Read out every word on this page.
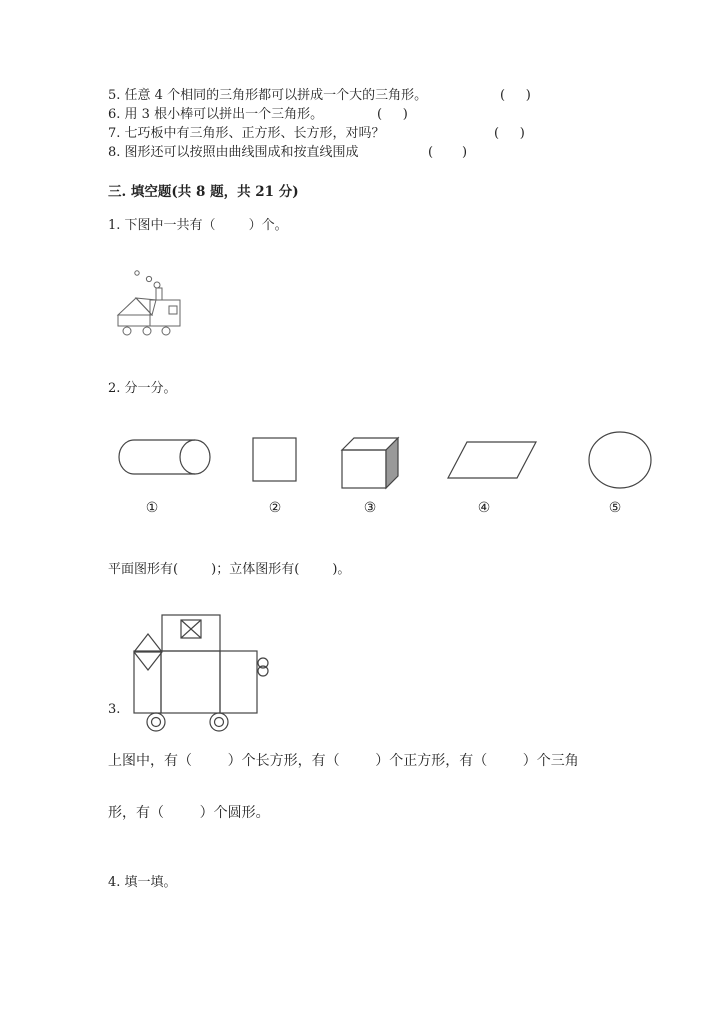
5. 任意 4 个相同的三角形都可以拼成一个大的三角形。	(     )
6. 用 3 根小棒可以拼出一个三角形。	(     )
7. 七巧板中有三角形、正方形、长方形，对吗？	(     )
8. 图形还可以按照由曲线围成和按直线围成	(       )
三. 填空题(共 8 题，共 21 分)
1. 下图中一共有（        ）个。
2. 分一分。
①	②	③	④	⑤
平面图形有(        )；立体图形有(        )。
3.
上图中，有（        ）个长方形，有（        ）个正方形，有（        ）个三角
形，有（        ）个圆形。
4. 填一填。
